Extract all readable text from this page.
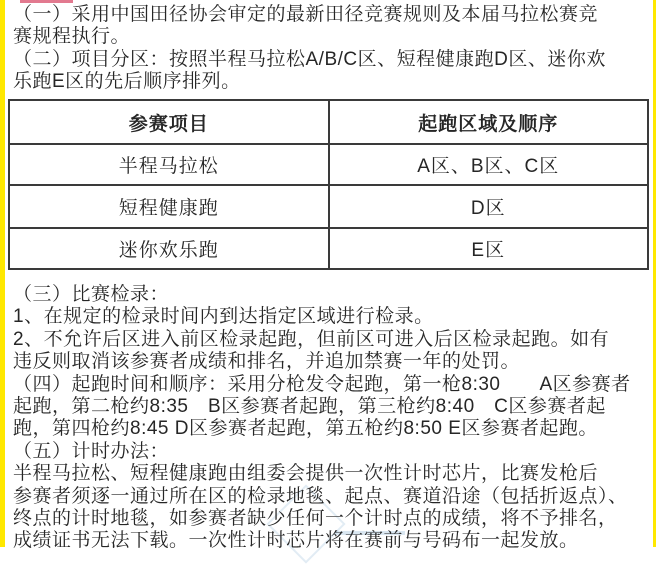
（一）采用中国田径协会审定的最新田径竞赛规则及本届马拉松赛竞
赛规程执行。
（二）项目分区：按照半程马拉松A/B/C区、短程健康跑D区、迷你欢
乐跑E区的先后顺序排列。
参赛项目	起跑区域及顺序
半程马拉松	A区、B区、C区
短程健康跑	D区
迷你欢乐跑	E区
（三）比赛检录：
1、在规定的检录时间内到达指定区域进行检录。
2、不允许后区进入前区检录起跑，但前区可进入后区检录起跑。如有
违反则取消该参赛者成绩和排名，并追加禁赛一年的处罚。
（四）起跑时间和顺序：采用分枪发令起跑，第一枪8:30　　A区参赛者
起跑，第二枪约8:35　B区参赛者起跑，第三枪约8:40　C区参赛者起
跑，第四枪约8:45 D区参赛者起跑，第五枪约8:50 E区参赛者起跑。
（五）计时办法：
半程马拉松、短程健康跑由组委会提供一次性计时芯片，比赛发枪后
参赛者须逐一通过所在区的检录地毯、起点、赛道沿途（包括折返点）、
终点的计时地毯，如参赛者缺少任何一个计时点的成绩，将不予排名，
成绩证书无法下载。一次性计时芯片将在赛前与号码布一起发放。
